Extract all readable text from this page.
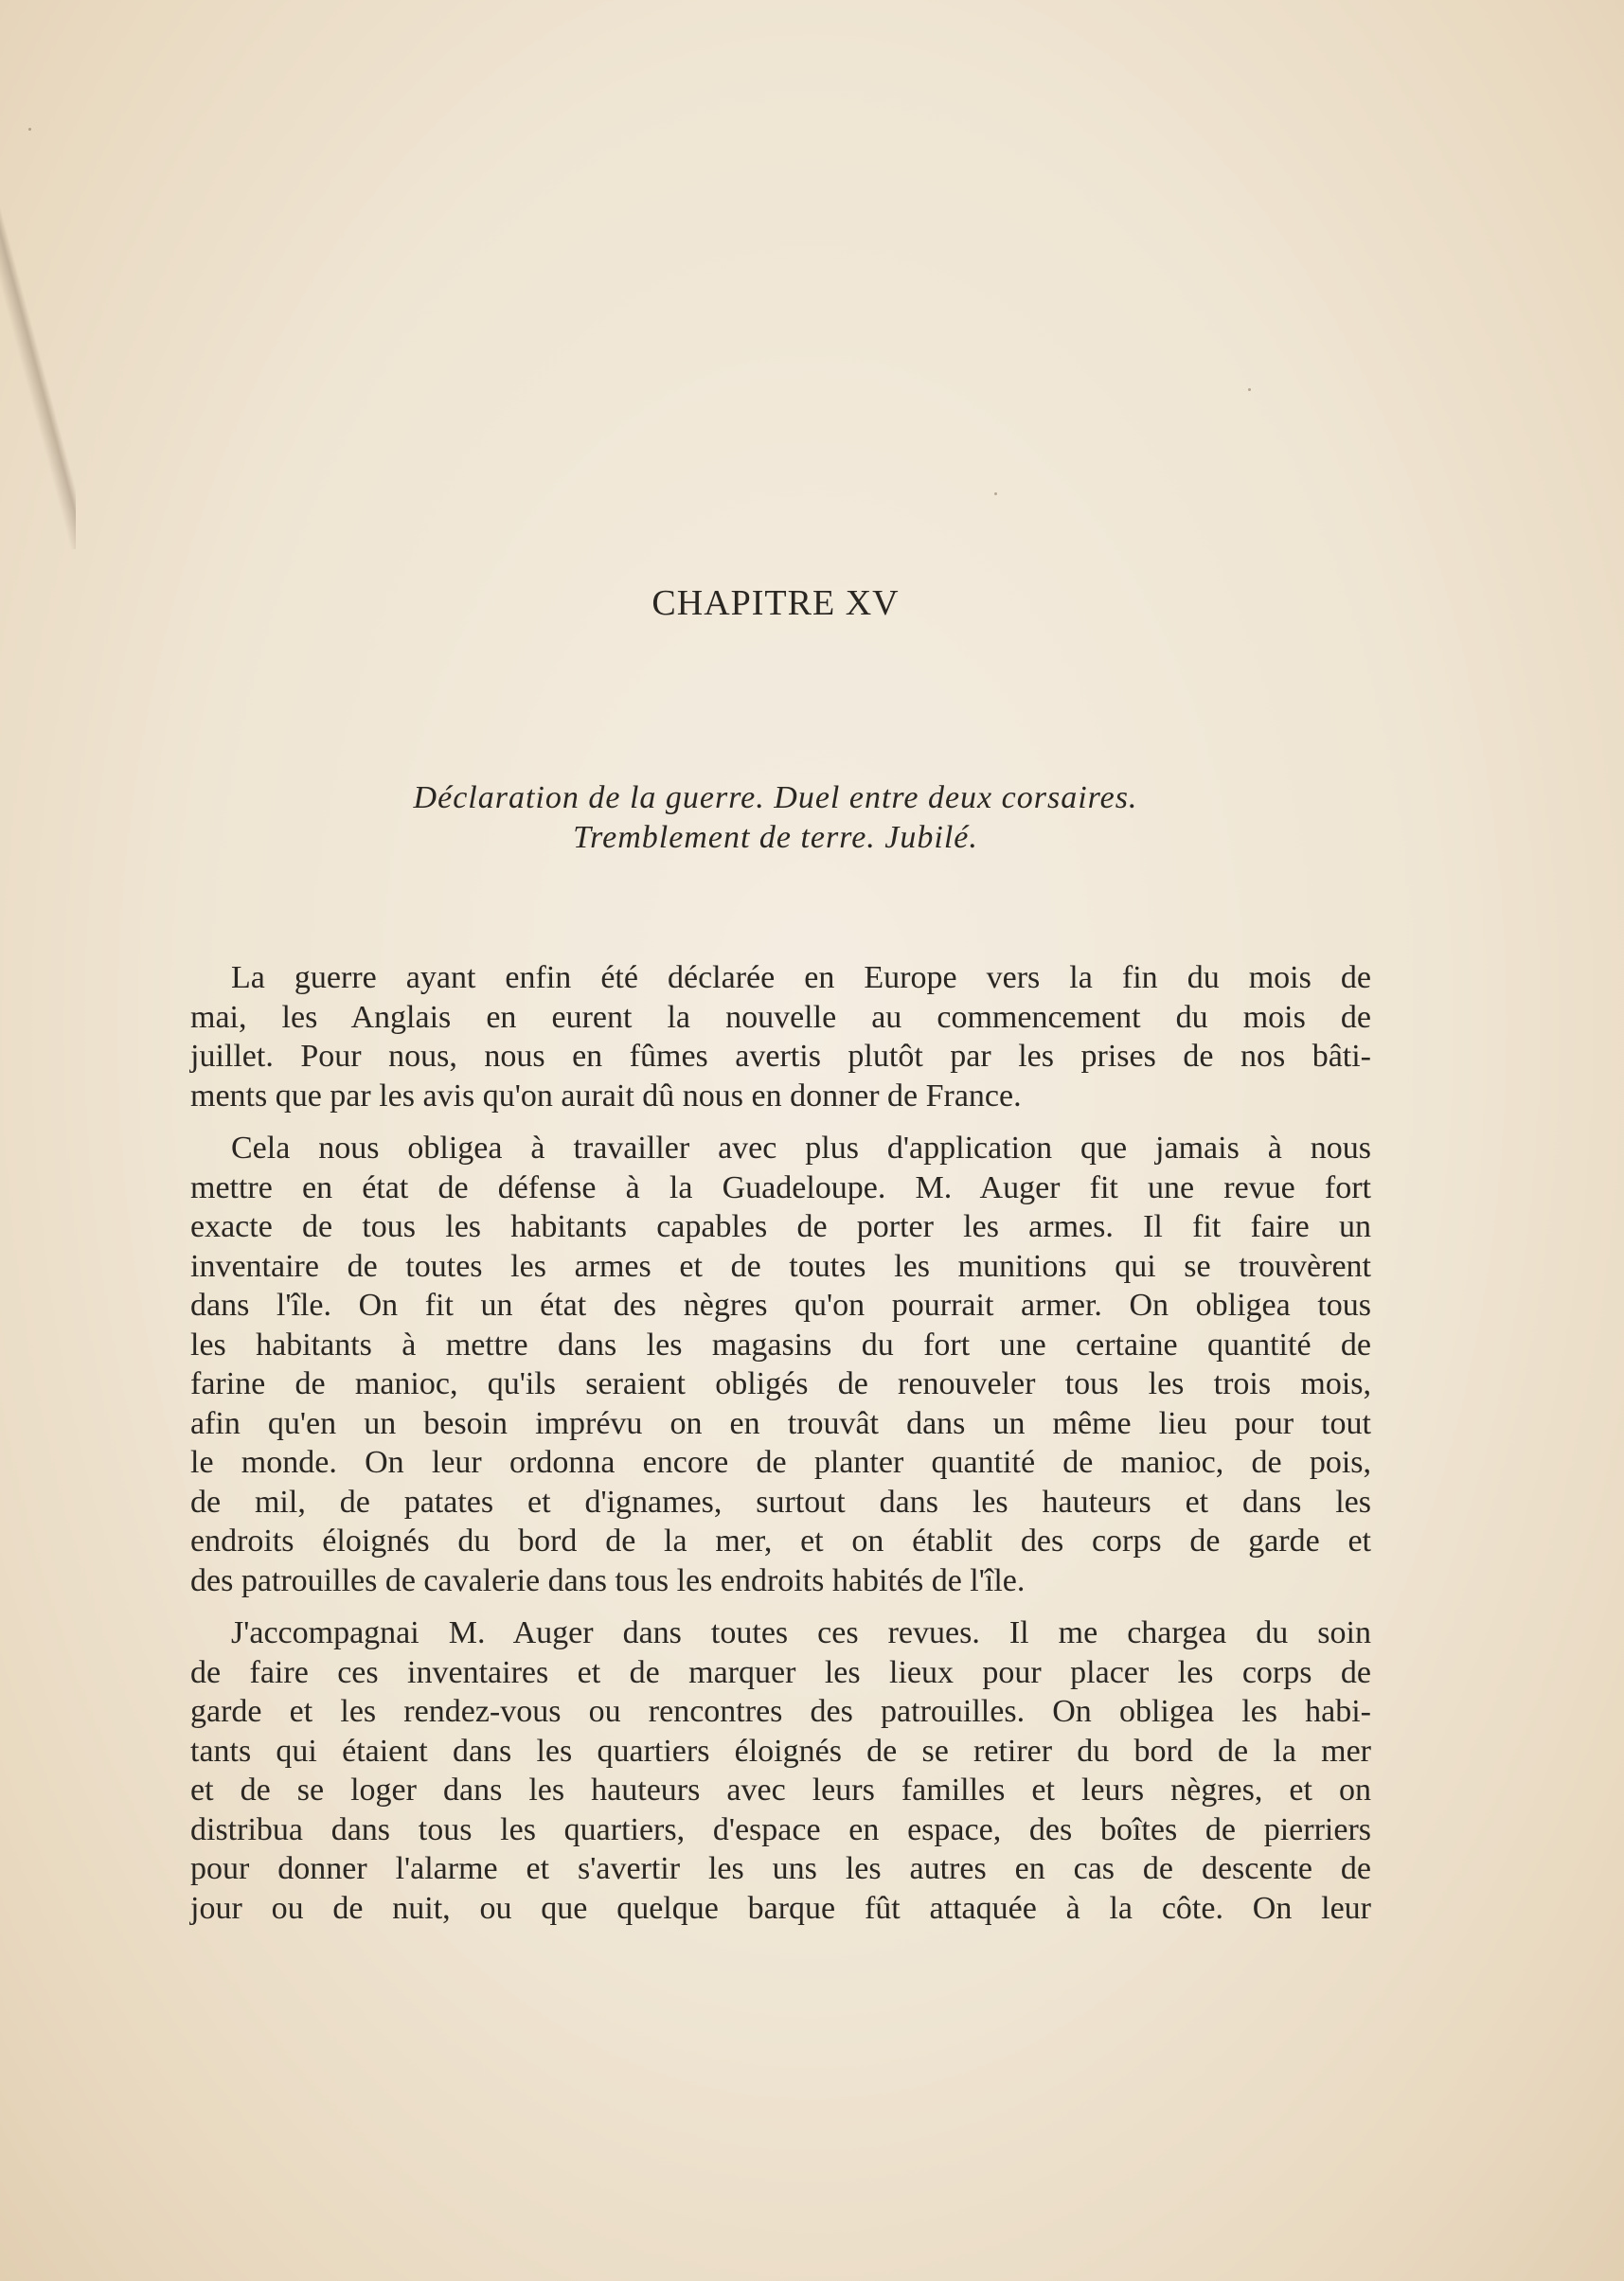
CHAPITRE XV
Déclaration de la guerre. Duel entre deux corsaires.
Tremblement de terre. Jubilé.
La guerre ayant enfin été déclarée en Europe vers la fin du mois de
mai, les Anglais en eurent la nouvelle au commencement du mois de
juillet. Pour nous, nous en fûmes avertis plutôt par les prises de nos bâti-
ments que par les avis qu'on aurait dû nous en donner de France.
Cela nous obligea à travailler avec plus d'application que jamais à nous
mettre en état de défense à la Guadeloupe. M. Auger fit une revue fort
exacte de tous les habitants capables de porter les armes. Il fit faire un
inventaire de toutes les armes et de toutes les munitions qui se trouvèrent
dans l'île. On fit un état des nègres qu'on pourrait armer. On obligea tous
les habitants à mettre dans les magasins du fort une certaine quantité de
farine de manioc, qu'ils seraient obligés de renouveler tous les trois mois,
afin qu'en un besoin imprévu on en trouvât dans un même lieu pour tout
le monde. On leur ordonna encore de planter quantité de manioc, de pois,
de mil, de patates et d'ignames, surtout dans les hauteurs et dans les
endroits éloignés du bord de la mer, et on établit des corps de garde et
des patrouilles de cavalerie dans tous les endroits habités de l'île.
J'accompagnai M. Auger dans toutes ces revues. Il me chargea du soin
de faire ces inventaires et de marquer les lieux pour placer les corps de
garde et les rendez-vous ou rencontres des patrouilles. On obligea les habi-
tants qui étaient dans les quartiers éloignés de se retirer du bord de la mer
et de se loger dans les hauteurs avec leurs familles et leurs nègres, et on
distribua dans tous les quartiers, d'espace en espace, des boîtes de pierriers
pour donner l'alarme et s'avertir les uns les autres en cas de descente de
jour ou de nuit, ou que quelque barque fût attaquée à la côte. On leur
